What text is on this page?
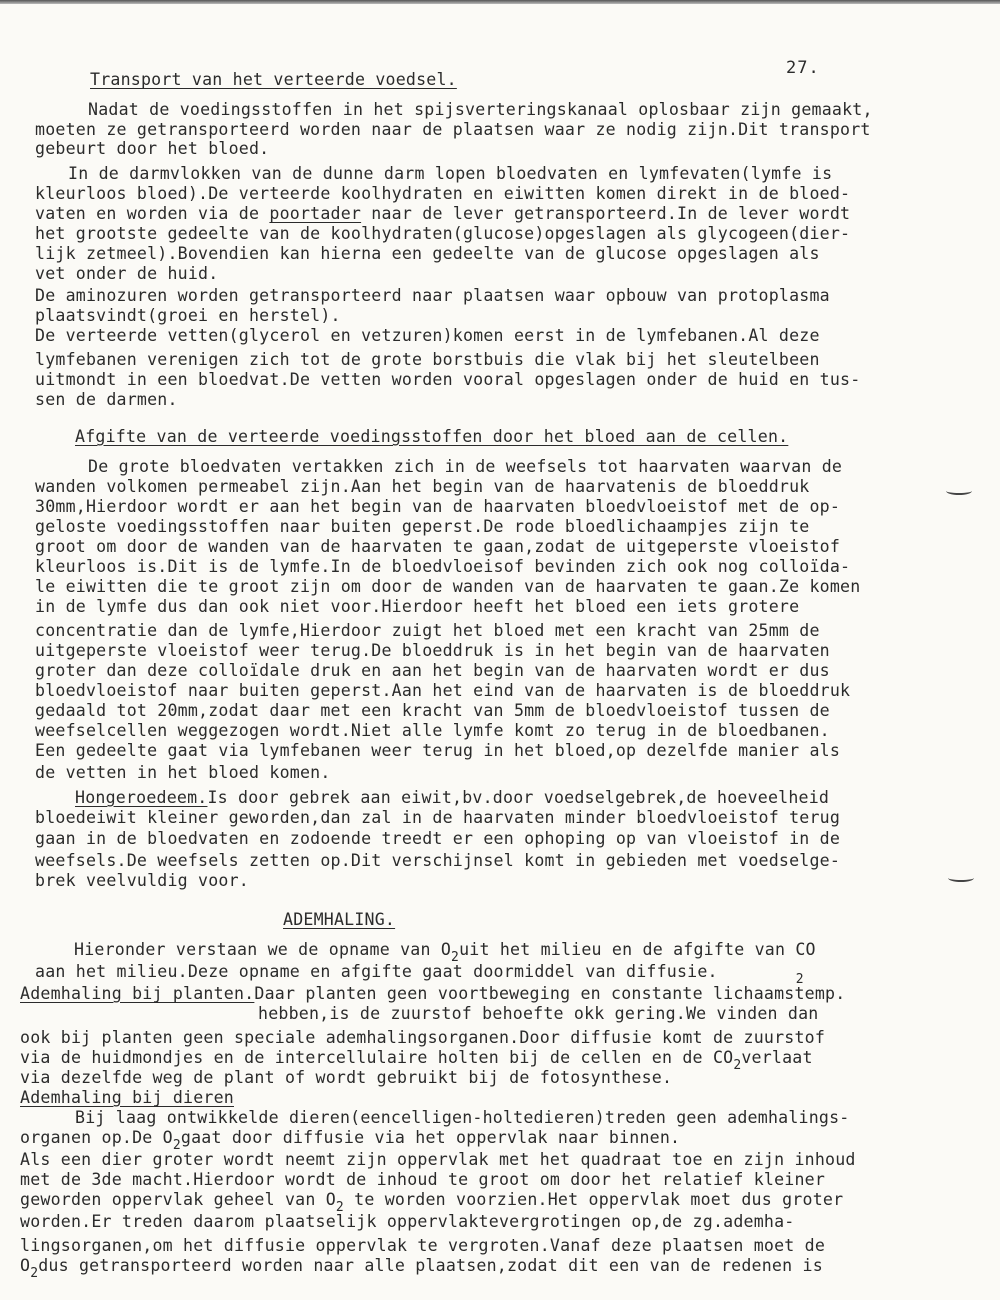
27.
Transport van het verteerde voedsel.
Nadat de voedingsstoffen in het spijsverteringskanaal oplosbaar zijn gemaakt,
moeten ze getransporteerd worden naar de plaatsen waar ze nodig zijn.Dit transport
gebeurt door het bloed.
In de darmvlokken van de dunne darm lopen bloedvaten en lymfevaten(lymfe is
kleurloos bloed).De verteerde koolhydraten en eiwitten komen direkt in de bloed-
vaten en worden via de poortader naar de lever getransporteerd.In de lever wordt
het grootste gedeelte van de koolhydraten(glucose)opgeslagen als glycogeen(dier-
lijk zetmeel).Bovendien kan hierna een gedeelte van de glucose opgeslagen als
vet onder de huid.
De aminozuren worden getransporteerd naar plaatsen waar opbouw van protoplasma
plaatsvindt(groei en herstel).
De verteerde vetten(glycerol en vetzuren)komen eerst in de lymfebanen.Al deze
lymfebanen verenigen zich tot de grote borstbuis die vlak bij het sleutelbeen
uitmondt in een bloedvat.De vetten worden vooral opgeslagen onder de huid en tus-
sen de darmen.
Afgifte van de verteerde voedingsstoffen door het bloed aan de cellen.
De grote bloedvaten vertakken zich in de weefsels tot haarvaten waarvan de
wanden volkomen permeabel zijn.Aan het begin van de haarvatenis de bloeddruk
30mm,Hierdoor wordt er aan het begin van de haarvaten bloedvloeistof met de op-
geloste voedingsstoffen naar buiten geperst.De rode bloedlichaampjes zijn te
groot om door de wanden van de haarvaten te gaan,zodat de uitgeperste vloeistof
kleurloos is.Dit is de lymfe.In de bloedvloeisof bevinden zich ook nog colloïda-
le eiwitten die te groot zijn om door de wanden van de haarvaten te gaan.Ze komen
in de lymfe dus dan ook niet voor.Hierdoor heeft het bloed een iets grotere
concentratie dan de lymfe,Hierdoor zuigt het bloed met een kracht van 25mm de
uitgeperste vloeistof weer terug.De bloeddruk is in het begin van de haarvaten
groter dan deze colloïdale druk en aan het begin van de haarvaten wordt er dus
bloedvloeistof naar buiten geperst.Aan het eind van de haarvaten is de bloeddruk
gedaald tot 20mm,zodat daar met een kracht van 5mm de bloedvloeistof tussen de
weefselcellen weggezogen wordt.Niet alle lymfe komt zo terug in de bloedbanen.
Een gedeelte gaat via lymfebanen weer terug in het bloed,op dezelfde manier als
de vetten in het bloed komen.
Hongeroedeem.Is door gebrek aan eiwit,bv.door voedselgebrek,de hoeveelheid
bloedeiwit kleiner geworden,dan zal in de haarvaten minder bloedvloeistof terug
gaan in de bloedvaten en zodoende treedt er een ophoping op van vloeistof in de
weefsels.De weefsels zetten op.Dit verschijnsel komt in gebieden met voedselge-
brek veelvuldig voor.
ADEMHALING.
Hieronder verstaan we de opname van $O_2uit$ het milieu en de afgifte van CO
aan het milieu.Deze opname en afgifte gaat doormiddel van diffusie.	$_2$
Ademhaling bij planten.Daar planten geen voortbeweging en constante lichaamstemp.
hebben,is de zuurstof behoefte okk gering.We vinden dan
ook bij planten geen speciale ademhalingsorganen.Door diffusie komt de zuurstof
via de huidmondjes en de intercellulaire holten bij de cellen en de $CO_2verlaat$
via dezelfde weg de plant of wordt gebruikt bij de fotosynthese.
Ademhaling bij dieren
Bij laag ontwikkelde dieren(eencelligen-holtedieren)treden geen ademhalings-
organen op.De $O_2gaat$ door diffusie via het oppervlak naar binnen.
Als een dier groter wordt neemt zijn oppervlak met het quadraat toe en zijn inhoud
met de 3de macht.Hierdoor wordt de inhoud te groot om door het relatief kleiner
geworden oppervlak geheel van $O_2$ te worden voorzien.Het oppervlak moet dus groter
worden.Er treden daarom plaatselijk oppervlaktevergrotingen op,de zg.ademha-
lingsorganen,om het diffusie oppervlak te vergroten.Vanaf deze plaatsen moet de
$O_2dus$ getransporteerd worden naar alle plaatsen,zodat dit een van de redenen is
